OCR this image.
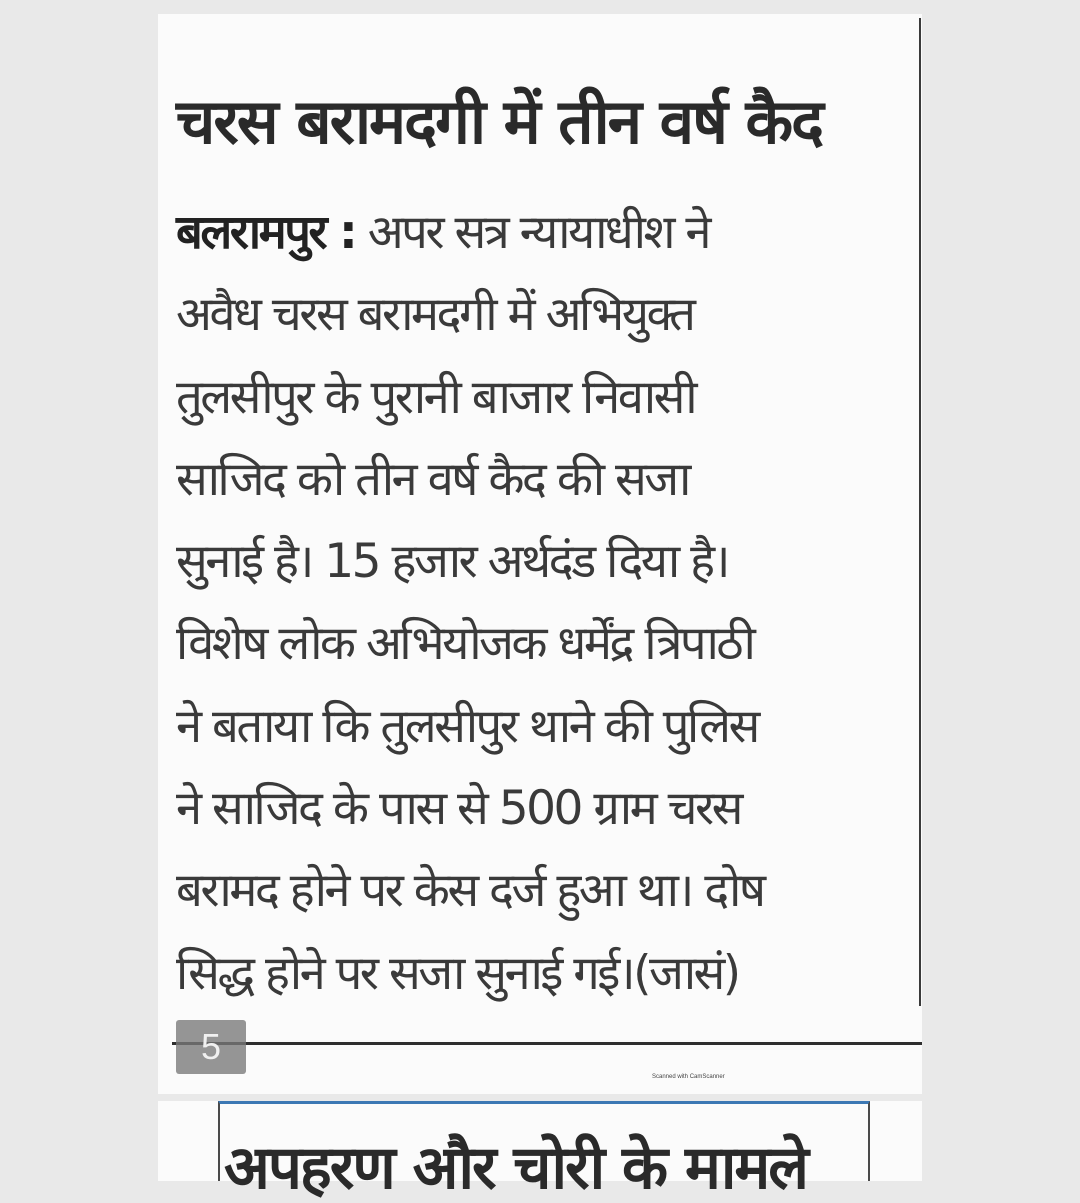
चरस बरामदगी में तीन वर्ष कैद
बलरामपुर : अपर सत्र न्यायाधीश ने
अवैध चरस बरामदगी में अभियुक्त
तुलसीपुर के पुरानी बाजार निवासी
साजिद को तीन वर्ष कैद की सजा
सुनाई है। 15 हजार अर्थदंड दिया है।
विशेष लोक अभियोजक धर्मेंद्र त्रिपाठी
ने बताया कि तुलसीपुर थाने की पुलिस
ने साजिद के पास से 500 ग्राम चरस
बरामद होने पर केस दर्ज हुआ था। दोष
सिद्ध होने पर सजा सुनाई गई।(जासं)
5
Scanned with CamScanner
अपहरण और चोरी के मामले
